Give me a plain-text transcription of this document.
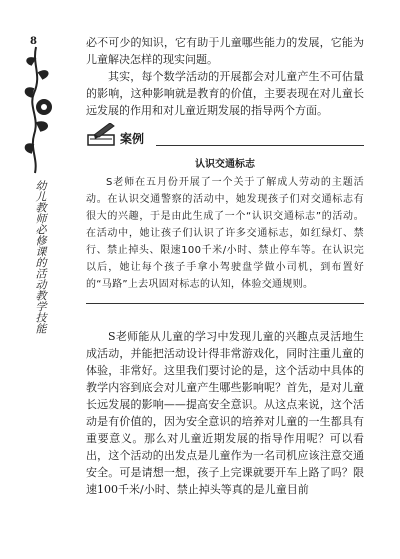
8
幼儿教师必修课的活动教学技能

必不可少的知识，它有助于儿童哪些能力的发展，它能为儿童解决怎样的现实问题。

其实，每个数学活动的开展都会对儿童产生不可估量的影响，这种影响就是教育的价值，主要表现在对儿童长远发展的作用和对儿童近期发展的指导两个方面。

案例
认识交通标志

S老师在五月份开展了一个关于了解成人劳动的主题活动。在认识交通警察的活动中，她发现孩子们对交通标志有很大的兴趣，于是由此生成了一个“认识交通标志”的活动。在活动中，她让孩子们认识了许多交通标志，如红绿灯、禁行、禁止掉头、限速100千米/小时、禁止停车等。在认识完以后，她让每个孩子手拿小驾驶盘学做小司机，到布置好的“马路”上去巩固对标志的认知，体验交通规则。

S老师能从儿童的学习中发现儿童的兴趣点灵活地生成活动，并能把活动设计得非常游戏化，同时注重儿童的体验，非常好。这里我们要讨论的是，这个活动中具体的教学内容到底会对儿童产生哪些影响呢？首先，是对儿童长远发展的影响——提高安全意识。从这点来说，这个活动是有价值的，因为安全意识的培养对儿童的一生都具有重要意义。那么对儿童近期发展的指导作用呢？可以看出，这个活动的出发点是儿童作为一名司机应该注意交通安全。可是请想一想，孩子上完课就要开车上路了吗？限速100千米/小时、禁止掉头等真的是儿童目前
